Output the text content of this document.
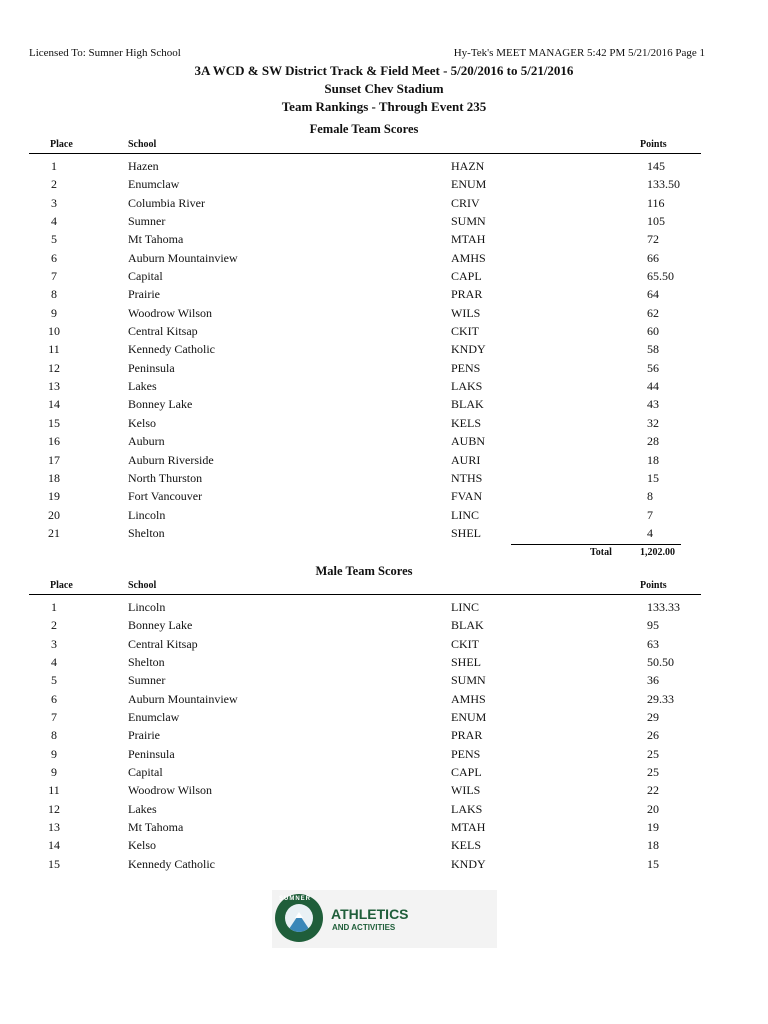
Licensed To: Sumner High School	Hy-Tek's MEET MANAGER 5:42 PM 5/21/2016 Page 1
3A WCD & SW District Track & Field Meet - 5/20/2016 to 5/21/2016
Sunset Chev Stadium
Team Rankings - Through Event 235
Female Team Scores
Place	School	Points
1	Hazen	HAZN	145
2	Enumclaw	ENUM	133.50
3	Columbia River	CRIV	116
4	Sumner	SUMN	105
5	Mt Tahoma	MTAH	72
6	Auburn Mountainview	AMHS	66
7	Capital	CAPL	65.50
8	Prairie	PRAR	64
9	Woodrow Wilson	WILS	62
10	Central Kitsap	CKIT	60
11	Kennedy Catholic	KNDY	58
12	Peninsula	PENS	56
13	Lakes	LAKS	44
14	Bonney Lake	BLAK	43
15	Kelso	KELS	32
16	Auburn	AUBN	28
17	Auburn Riverside	AURI	18
18	North Thurston	NTHS	15
19	Fort Vancouver	FVAN	8
20	Lincoln	LINC	7
21	Shelton	SHEL	4
Total	1,202.00
Male Team Scores
Place	School	Points
1	Lincoln	LINC	133.33
2	Bonney Lake	BLAK	95
3	Central Kitsap	CKIT	63
4	Shelton	SHEL	50.50
5	Sumner	SUMN	36
6	Auburn Mountainview	AMHS	29.33
7	Enumclaw	ENUM	29
8	Prairie	PRAR	26
9	Peninsula	PENS	25
9	Capital	CAPL	25
11	Woodrow Wilson	WILS	22
12	Lakes	LAKS	20
13	Mt Tahoma	MTAH	19
14	Kelso	KELS	18
15	Kennedy Catholic	KNDY	15
SUMNER
ATHLETICS
AND ACTIVITIES
